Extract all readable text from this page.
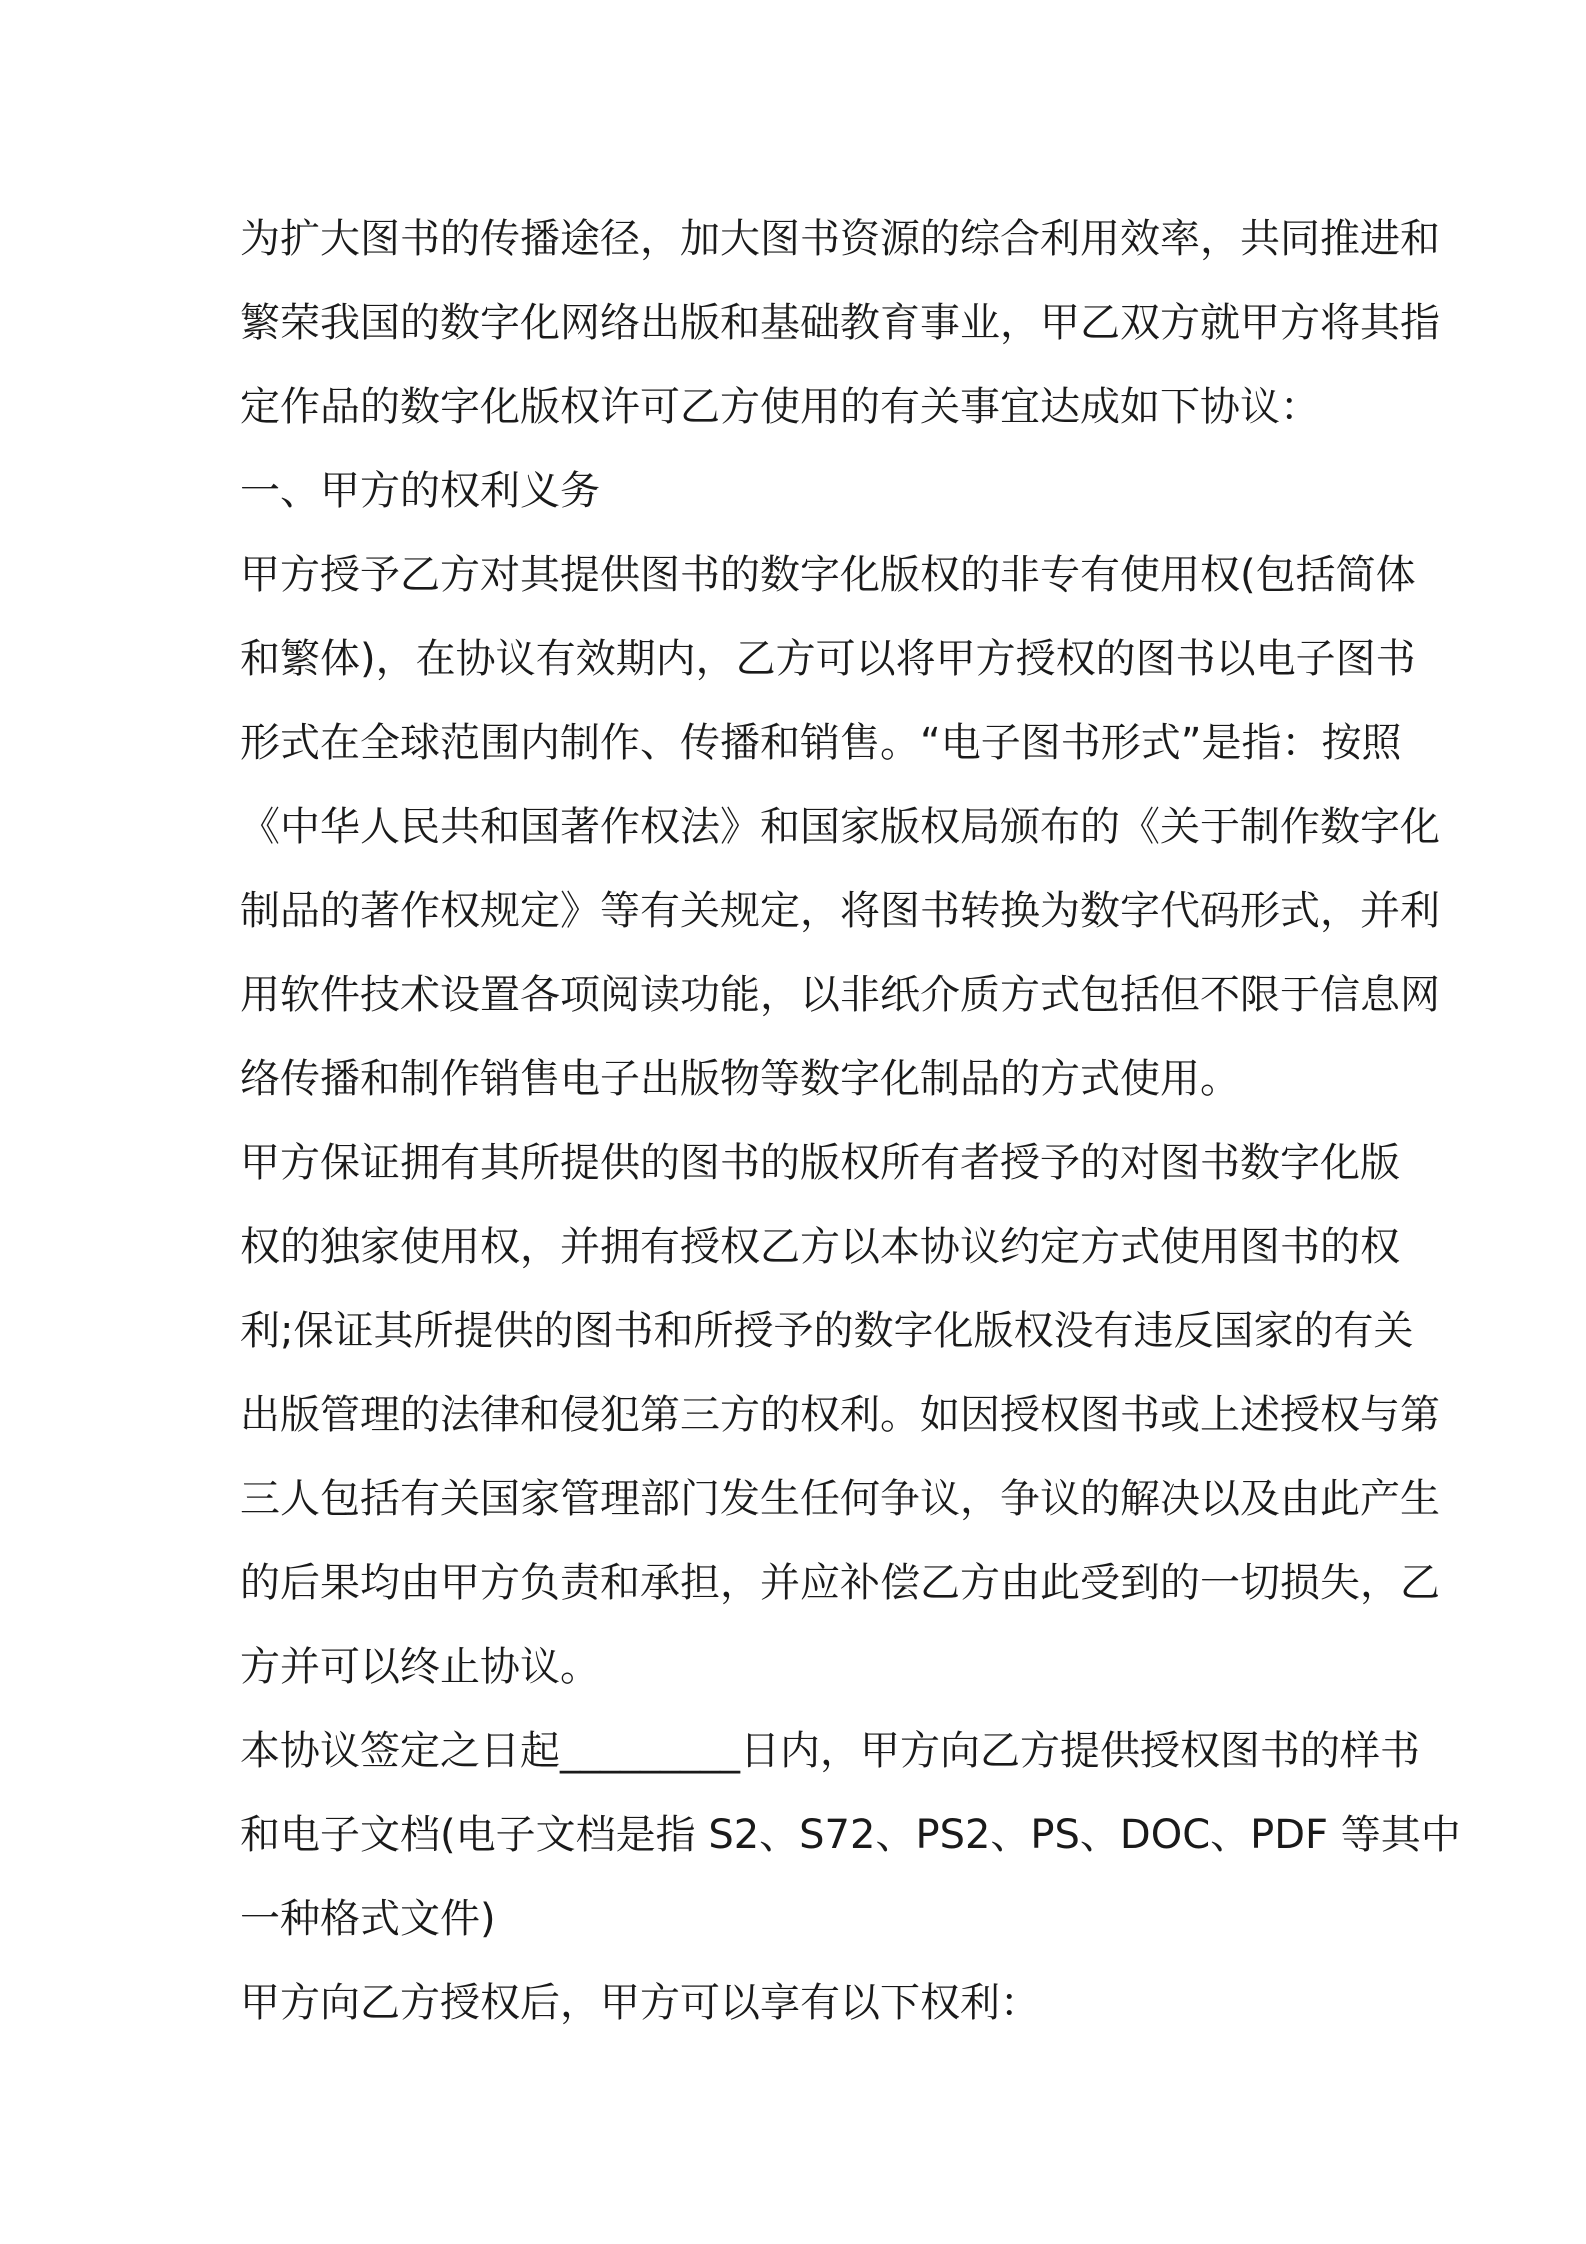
为扩大图书的传播途径，加大图书资源的综合利用效率，共同推进和
繁荣我国的数字化网络出版和基础教育事业，甲乙双方就甲方将其指
定作品的数字化版权许可乙方使用的有关事宜达成如下协议：
一、甲方的权利义务
甲方授予乙方对其提供图书的数字化版权的非专有使用权(包括简体
和繁体)，在协议有效期内，乙方可以将甲方授权的图书以电子图书
形式在全球范围内制作、传播和销售。“电子图书形式”是指：按照
《中华人民共和国著作权法》和国家版权局颁布的《关于制作数字化
制品的著作权规定》等有关规定，将图书转换为数字代码形式，并利
用软件技术设置各项阅读功能，以非纸介质方式包括但不限于信息网
络传播和制作销售电子出版物等数字化制品的方式使用。
甲方保证拥有其所提供的图书的版权所有者授予的对图书数字化版
权的独家使用权，并拥有授权乙方以本协议约定方式使用图书的权
利;保证其所提供的图书和所授予的数字化版权没有违反国家的有关
出版管理的法律和侵犯第三方的权利。如因授权图书或上述授权与第
三人包括有关国家管理部门发生任何争议，争议的解决以及由此产生
的后果均由甲方负责和承担，并应补偿乙方由此受到的一切损失，乙
方并可以终止协议。
本协议签定之日起_________日内，甲方向乙方提供授权图书的样书
和电子文档(电子文档是指 S2、S72、PS2、PS、DOC、PDF 等其中
一种格式文件)
甲方向乙方授权后，甲方可以享有以下权利：
